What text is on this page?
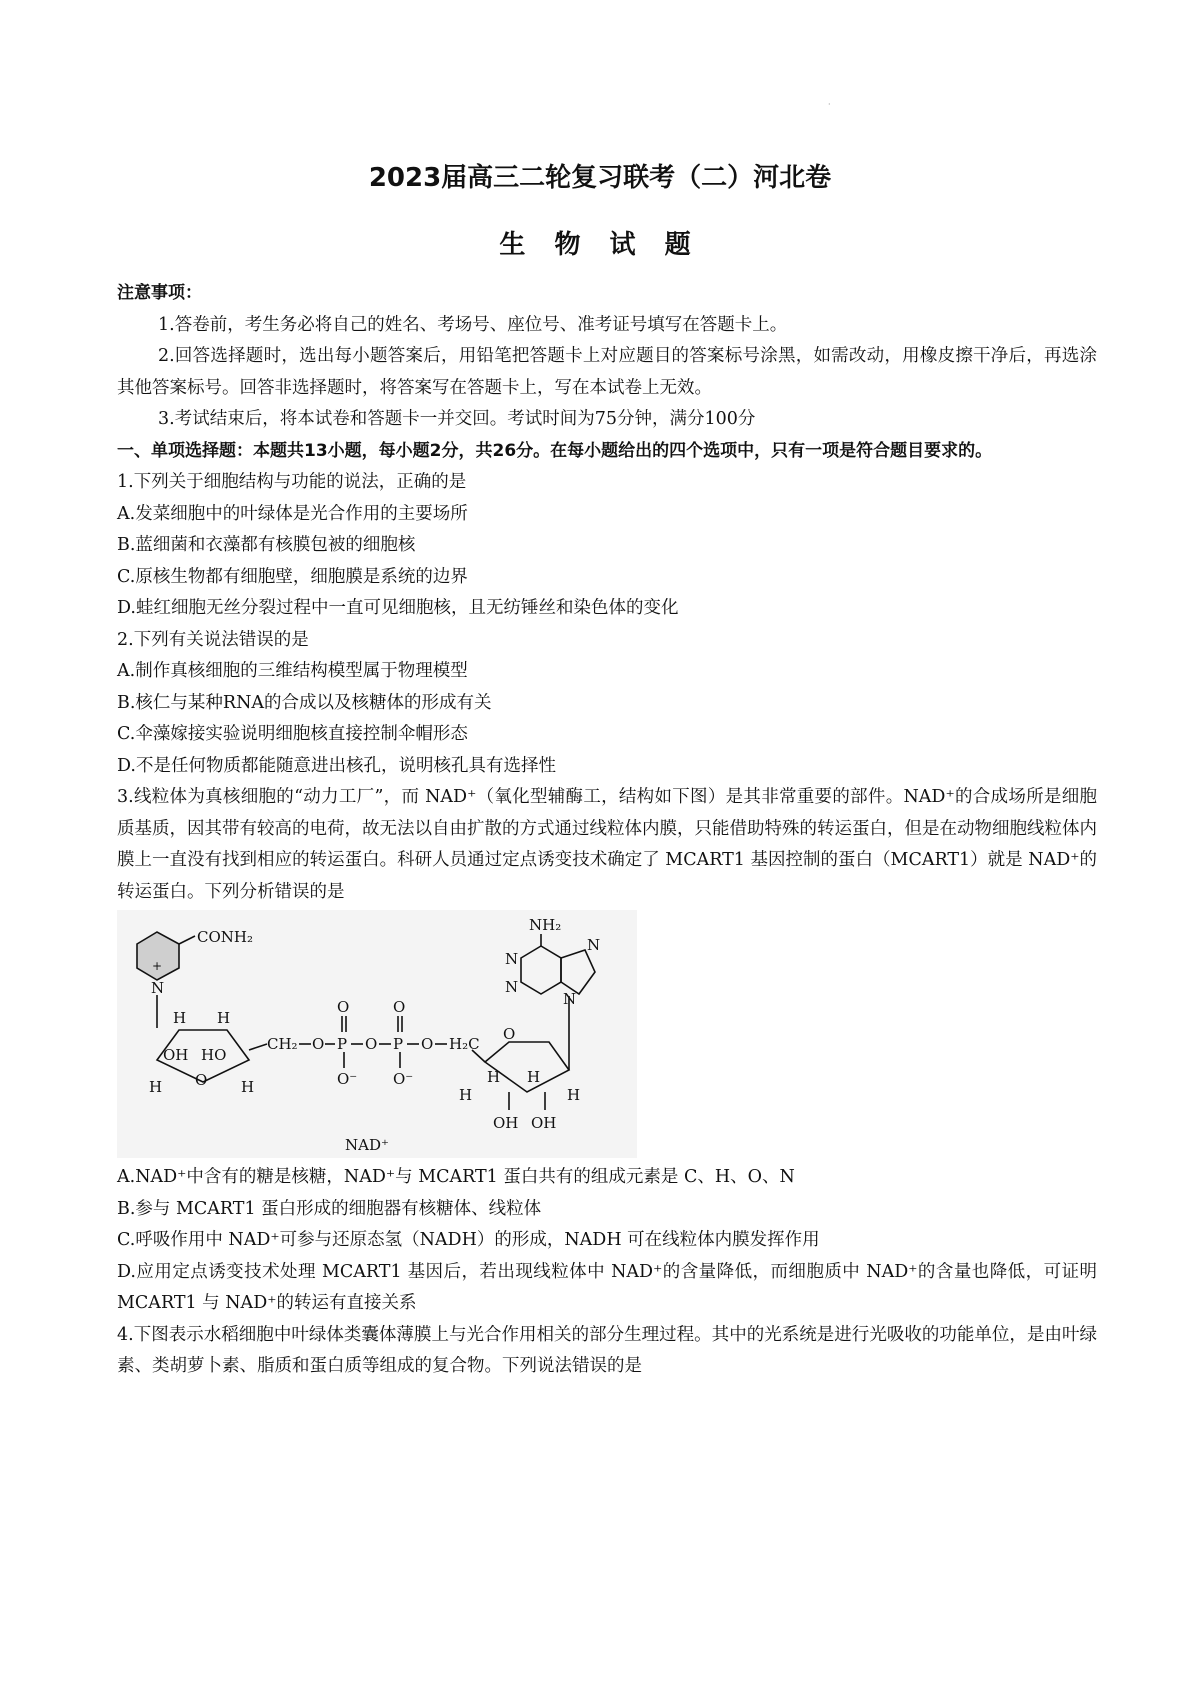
·
2023届高三二轮复习联考（二）河北卷
生 物 试 题

注意事项：

1.答卷前，考生务必将自己的姓名、考场号、座位号、准考证号填写在答题卡上。

2.回答选择题时，选出每小题答案后，用铅笔把答题卡上对应题目的答案标号涂黑，如需改动，用橡皮擦干净后，再选涂其他答案标号。回答非选择题时，将答案写在答题卡上，写在本试卷上无效。

3.考试结束后，将本试卷和答题卡一并交回。考试时间为75分钟，满分100分

一、单项选择题：本题共13小题，每小题2分，共26分。在每小题给出的四个选项中，只有一项是符合题目要求的。

1.下列关于细胞结构与功能的说法，正确的是

A.发菜细胞中的叶绿体是光合作用的主要场所

B.蓝细菌和衣藻都有核膜包被的细胞核

C.原核生物都有细胞壁，细胞膜是系统的边界

D.蛙红细胞无丝分裂过程中一直可见细胞核，且无纺锤丝和染色体的变化

2.下列有关说法错误的是

A.制作真核细胞的三维结构模型属于物理模型

B.核仁与某种RNA的合成以及核糖体的形成有关

C.伞藻嫁接实验说明细胞核直接控制伞帽形态

D.不是任何物质都能随意进出核孔，说明核孔具有选择性

3.线粒体为真核细胞的“动力工厂”，而 NAD⁺（氧化型辅酶工，结构如下图）是其非常重要的部件。NAD⁺的合成场所是细胞质基质，因其带有较高的电荷，故无法以自由扩散的方式通过线粒体内膜，只能借助特殊的转运蛋白，但是在动物细胞线粒体内膜上一直没有找到相应的转运蛋白。科研人员通过定点诱变技术确定了 MCART1 基因控制的蛋白（MCART1）就是 NAD⁺的转运蛋白。下列分析错误的是

CONH₂
N
+
O
H H
OH HO
H	H
CH₂ O P
O
O⁻
O P
O
O⁻
O H₂C
O
H H
H	H
OH OH
NH₂
N
N
N
N
NAD⁺

A.NAD⁺中含有的糖是核糖，NAD⁺与 MCART1 蛋白共有的组成元素是 C、H、O、N

B.参与 MCART1 蛋白形成的细胞器有核糖体、线粒体

C.呼吸作用中 NAD⁺可参与还原态氢（NADH）的形成，NADH 可在线粒体内膜发挥作用

D.应用定点诱变技术处理 MCART1 基因后，若出现线粒体中 NAD⁺的含量降低，而细胞质中 NAD⁺的含量也降低，可证明 MCART1 与 NAD⁺的转运有直接关系

4.下图表示水稻细胞中叶绿体类囊体薄膜上与光合作用相关的部分生理过程。其中的光系统是进行光吸收的功能单位，是由叶绿素、类胡萝卜素、脂质和蛋白质等组成的复合物。下列说法错误的是
